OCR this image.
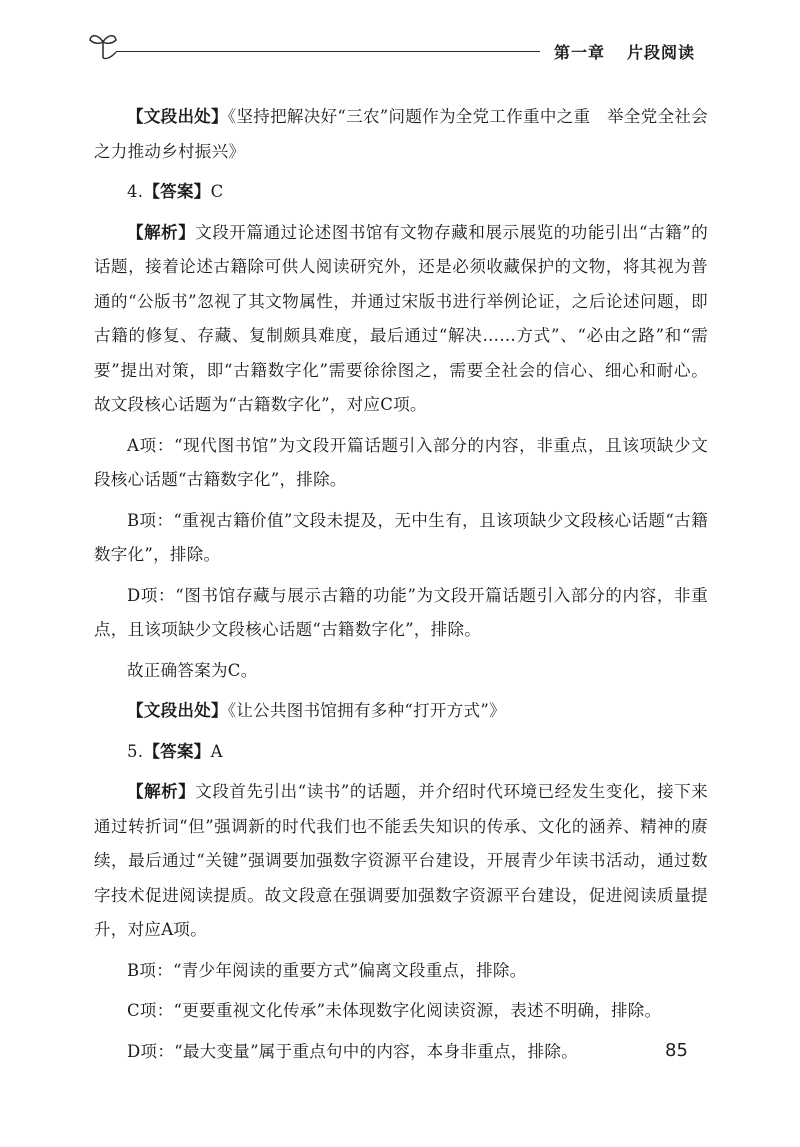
第一章 片段阅读

【文段出处】《坚持把解决好“三农”问题作为全党工作重中之重　举全党全社会之力推动乡村振兴》

4.【答案】C

【解析】文段开篇通过论述图书馆有文物存藏和展示展览的功能引出“古籍”的话题，接着论述古籍除可供人阅读研究外，还是必须收藏保护的文物，将其视为普通的“公版书”忽视了其文物属性，并通过宋版书进行举例论证，之后论述问题，即古籍的修复、存藏、复制颇具难度，最后通过“解决……方式”、“必由之路”和“需要”提出对策，即“古籍数字化”需要徐徐图之，需要全社会的信心、细心和耐心。故文段核心话题为“古籍数字化”，对应C项。

A项：“现代图书馆”为文段开篇话题引入部分的内容，非重点，且该项缺少文段核心话题“古籍数字化”，排除。

B项：“重视古籍价值”文段未提及，无中生有，且该项缺少文段核心话题“古籍数字化”，排除。

D项：“图书馆存藏与展示古籍的功能”为文段开篇话题引入部分的内容，非重点，且该项缺少文段核心话题“古籍数字化”，排除。

故正确答案为C。

【文段出处】《让公共图书馆拥有多种“打开方式”》

5.【答案】A

【解析】文段首先引出“读书”的话题，并介绍时代环境已经发生变化，接下来通过转折词“但”强调新的时代我们也不能丢失知识的传承、文化的涵养、精神的赓续，最后通过“关键”强调要加强数字资源平台建设，开展青少年读书活动，通过数字技术促进阅读提质。故文段意在强调要加强数字资源平台建设，促进阅读质量提升，对应A项。

B项：“青少年阅读的重要方式”偏离文段重点，排除。

C项：“更要重视文化传承”未体现数字化阅读资源，表述不明确，排除。

D项：“最大变量”属于重点句中的内容，本身非重点，排除。	85
